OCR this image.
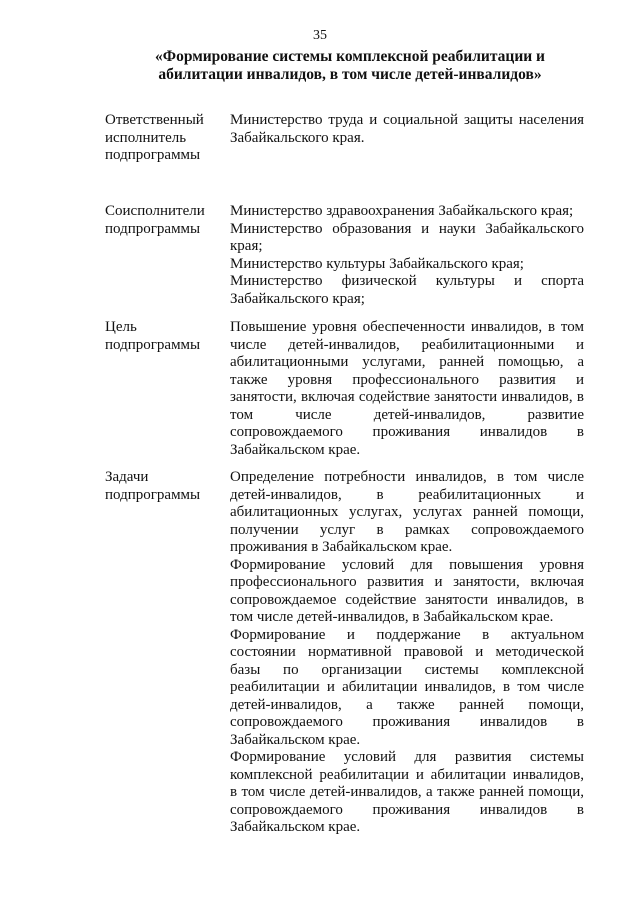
35
«Формирование системы комплексной реабилитации и
абилитации инвалидов, в том числе детей-инвалидов»
Ответственный
исполнитель
подпрограммы
Министерство труда и социальной защиты населения
Забайкальского края.
Соисполнители
подпрограммы
Министерство здравоохранения Забайкальского края;
Министерство образования и науки Забайкальского
края;
Министерство культуры Забайкальского края;
Министерство физической культуры и спорта
Забайкальского края;
Цель
подпрограммы
Повышение уровня обеспеченности инвалидов, в том
числе детей-инвалидов, реабилитационными и
абилитационными услугами, ранней помощью, а
также уровня профессионального развития и
занятости, включая содействие занятости инвалидов, в
том числе детей-инвалидов, развитие
сопровождаемого проживания инвалидов в
Забайкальском крае.
Задачи
подпрограммы
Определение потребности инвалидов, в том числе
детей-инвалидов, в реабилитационных и
абилитационных услугах, услугах ранней помощи,
получении услуг в рамках сопровождаемого
проживания в Забайкальском крае.
Формирование условий для повышения уровня
профессионального развития и занятости, включая
сопровождаемое содействие занятости инвалидов, в
том числе детей-инвалидов, в Забайкальском крае.
Формирование и поддержание в актуальном
состоянии нормативной правовой и методической
базы по организации системы комплексной
реабилитации и абилитации инвалидов, в том числе
детей-инвалидов, а также ранней помощи,
сопровождаемого проживания инвалидов в
Забайкальском крае.
Формирование условий для развития системы
комплексной реабилитации и абилитации инвалидов,
в том числе детей-инвалидов, а также ранней помощи,
сопровождаемого проживания инвалидов в
Забайкальском крае.
